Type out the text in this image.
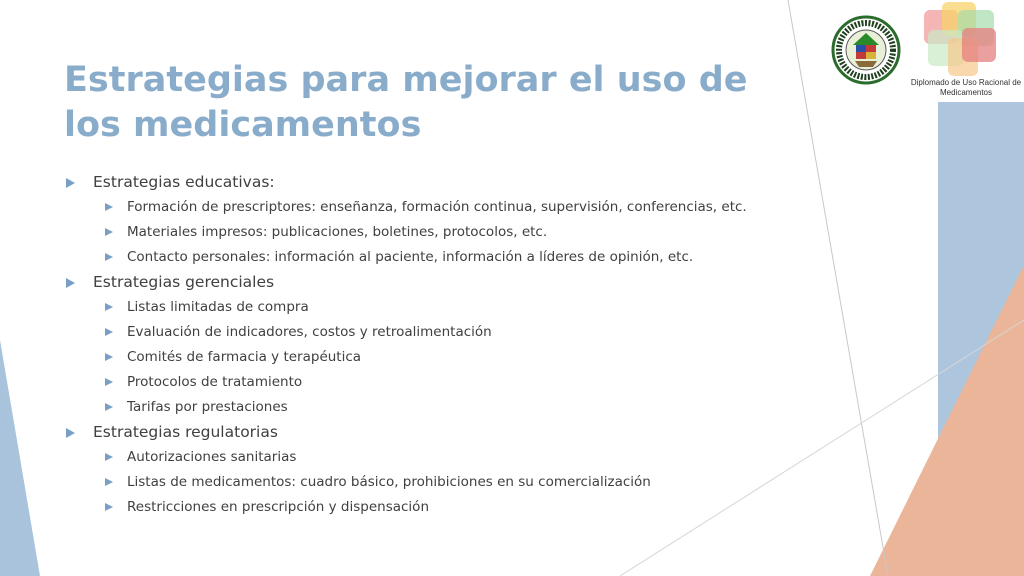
Estrategias para mejorar el uso de los medicamentos

Diplomado de Uso Racional de Medicamentos

Estrategias educativas:
Formación de prescriptores: enseñanza, formación continua, supervisión, conferencias, etc.
Materiales impresos: publicaciones, boletines, protocolos, etc.
Contacto personales: información al paciente, información a líderes de opinión, etc.
Estrategias gerenciales
Listas limitadas de compra
Evaluación de indicadores, costos y retroalimentación
Comités de farmacia y terapéutica
Protocolos de tratamiento
Tarifas por prestaciones
Estrategias regulatorias
Autorizaciones sanitarias
Listas de medicamentos: cuadro básico, prohibiciones en su comercialización
Restricciones en prescripción y dispensación
